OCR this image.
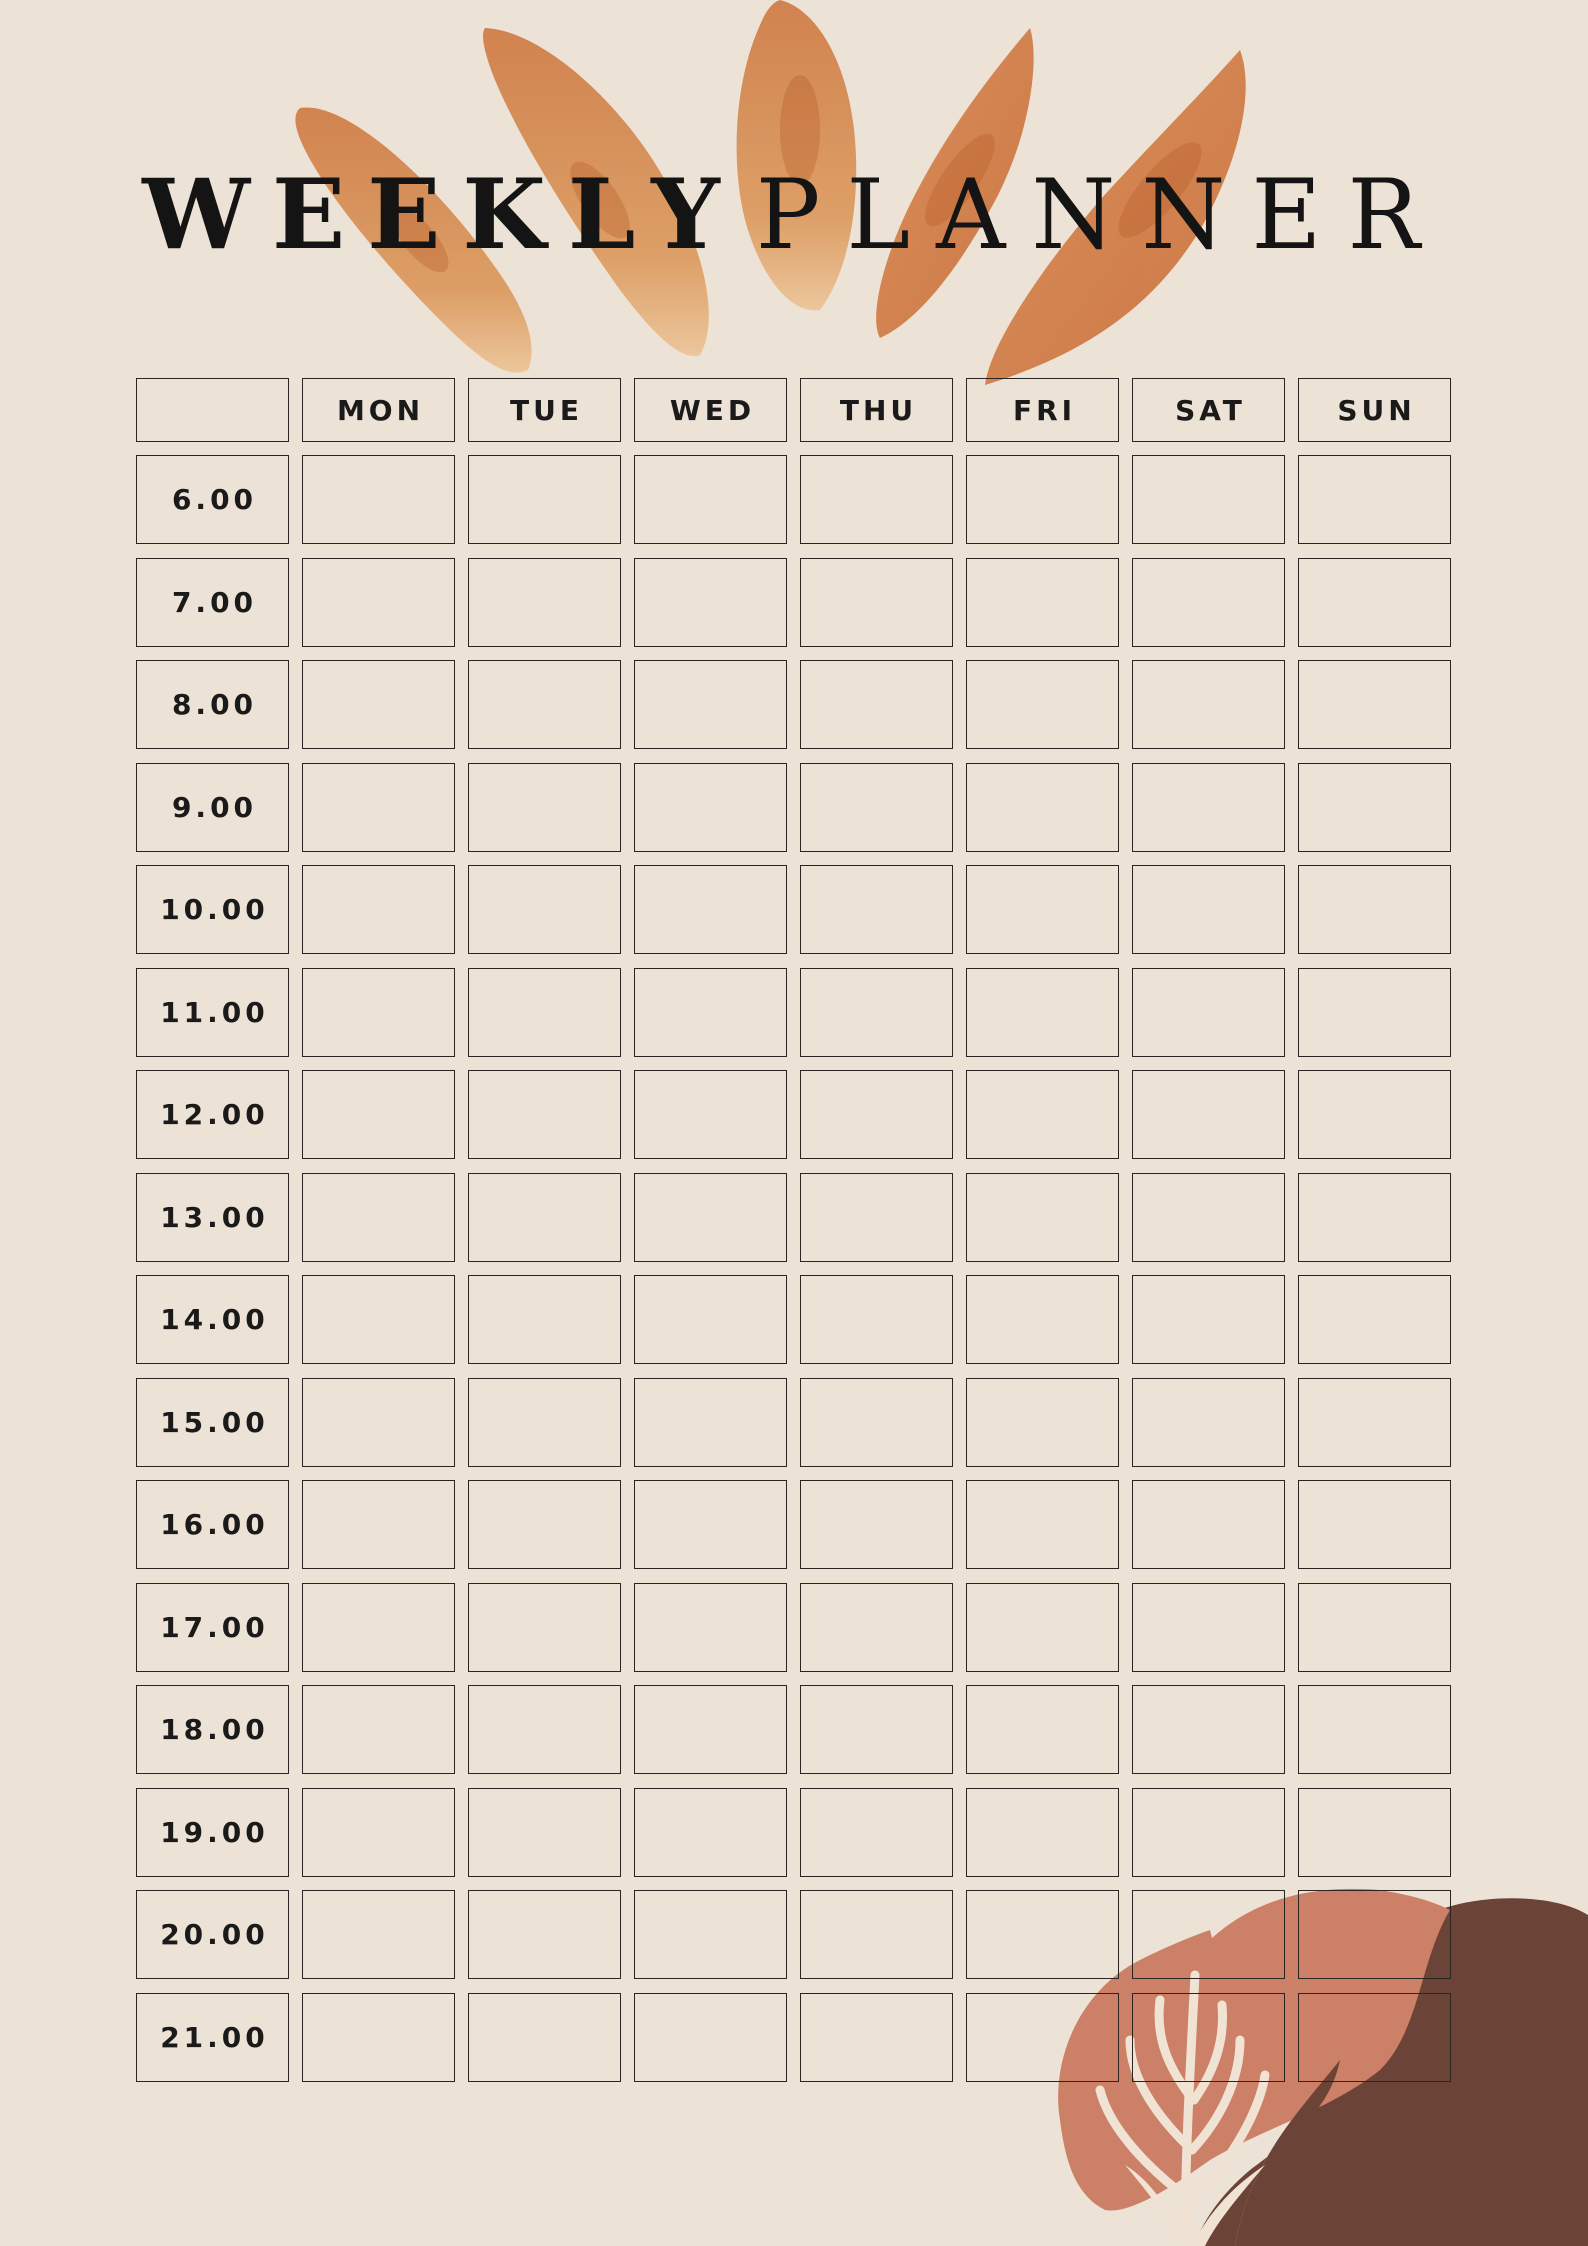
WEEKLY PLANNER
MON	TUE	WED	THU	FRI	SAT	SUN
6.00
7.00
8.00
9.00
10.00
11.00
12.00
13.00
14.00
15.00
16.00
17.00
18.00
19.00
20.00
21.00
